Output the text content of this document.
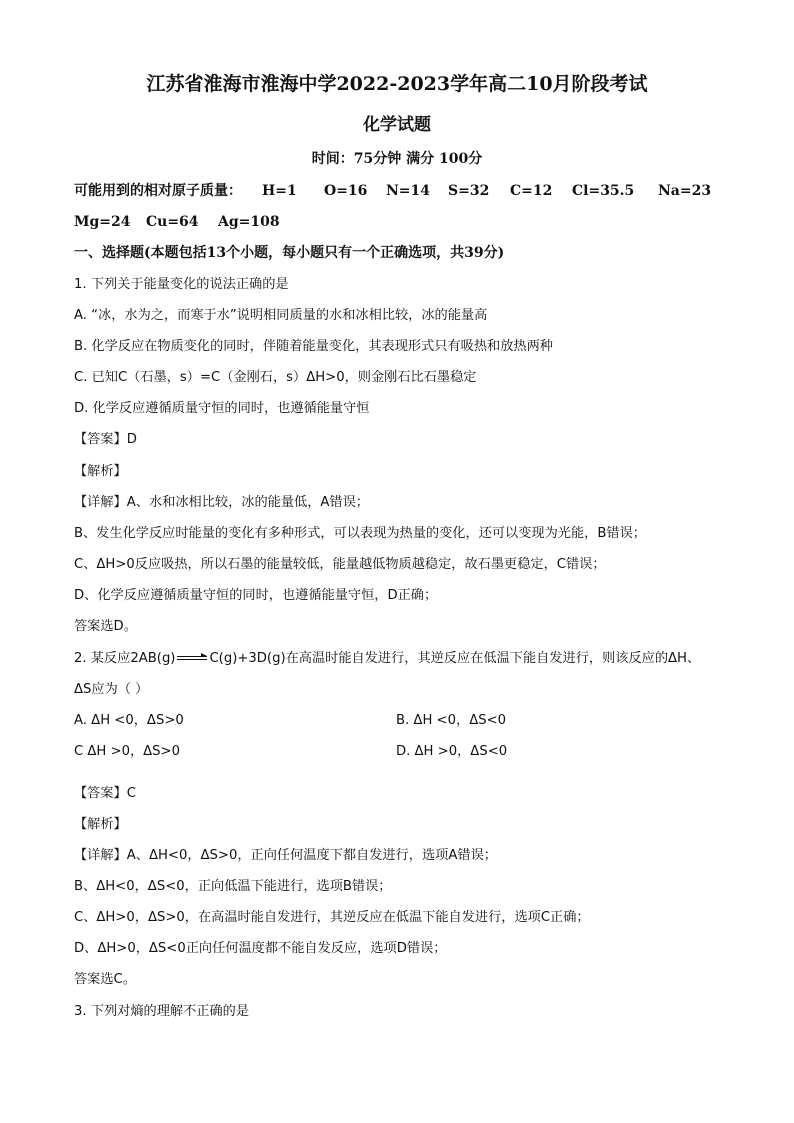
江苏省淮海市淮海中学2022-2023学年高二10月阶段考试
化学试题
时间：75分钟 满分 100分
可能用到的相对原子质量：	H=1	O=16	N=14	S=32	C=12	Cl=35.5	Na=23
Mg=24	Cu=64	Ag=108
一、选择题(本题包括13个小题，每小题只有一个正确选项，共39分)
1. 下列关于能量变化的说法正确的是
A. “冰，水为之，而寒于水”说明相同质量的水和冰相比较，冰的能量高
B. 化学反应在物质变化的同时，伴随着能量变化，其表现形式只有吸热和放热两种
C. 已知C（石墨，s）=C（金刚石，s）ΔH>0，则金刚石比石墨稳定
D. 化学反应遵循质量守恒的同时，也遵循能量守恒
【答案】D
【解析】
【详解】A、水和冰相比较，冰的能量低，A错误；
B、发生化学反应时能量的变化有多种形式，可以表现为热量的变化，还可以变现为光能，B错误；
C、ΔH>0反应吸热，所以石墨的能量较低，能量越低物质越稳定，故石墨更稳定，C错误；
D、化学反应遵循质量守恒的同时，也遵循能量守恒，D正确；
答案选D。
2. 某反应2AB(g)	C(g)+3D(g)在高温时能自发进行，其逆反应在低温下能自发进行，则该反应的ΔH、
ΔS应为（ ）
A. ΔH <0，ΔS>0	B. ΔH <0，ΔS<0
C ΔH >0，ΔS>0	D. ΔH >0，ΔS<0
【答案】C
【解析】
【详解】A、ΔH<0，ΔS>0，正向任何温度下都自发进行，选项A错误；
B、ΔH<0，ΔS<0，正向低温下能进行，选项B错误；
C、ΔH>0，ΔS>0，在高温时能自发进行，其逆反应在低温下能自发进行，选项C正确；
D、ΔH>0，ΔS<0正向任何温度都不能自发反应，选项D错误；
答案选C。
3. 下列对熵的理解不正确的是
